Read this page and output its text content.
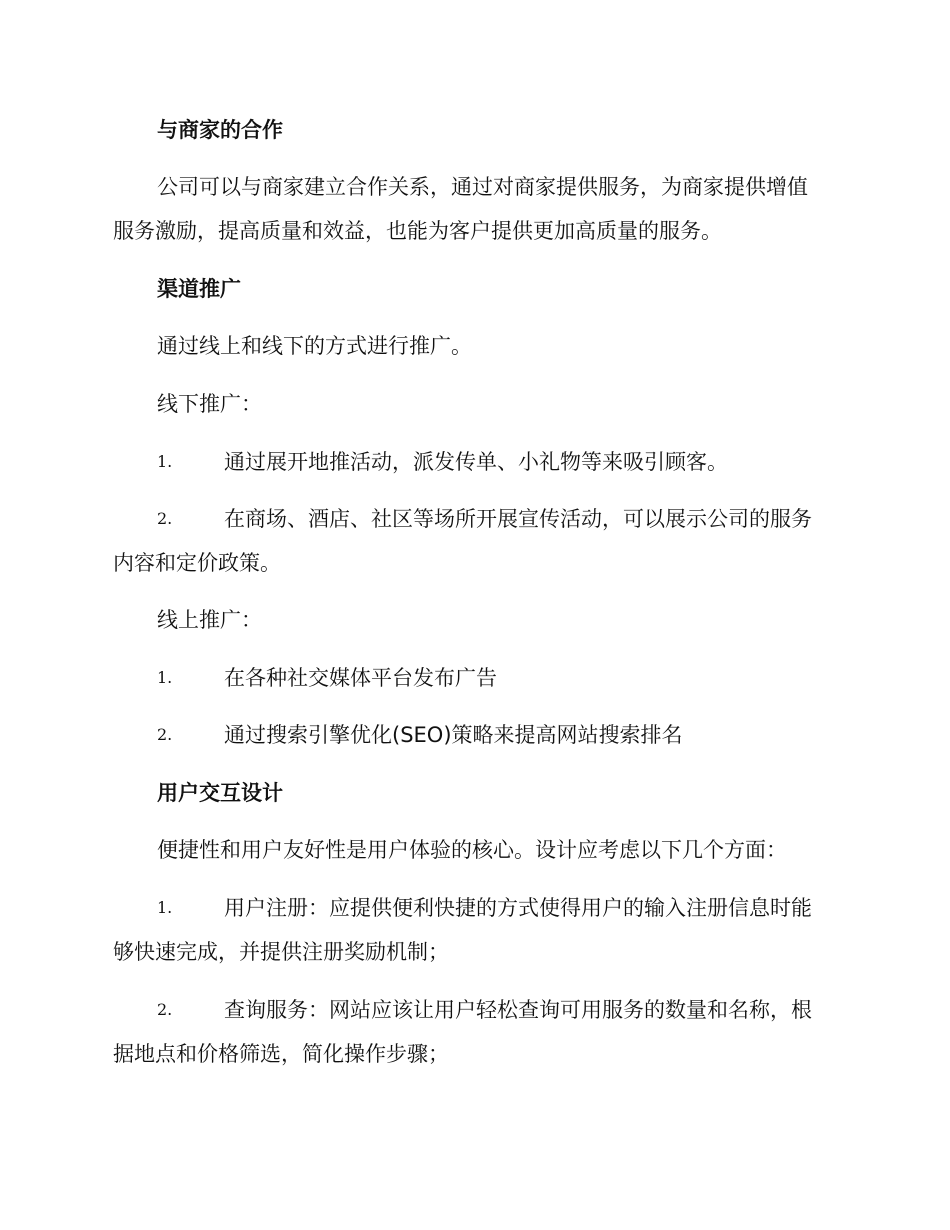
与商家的合作

公司可以与商家建立合作关系，通过对商家提供服务，为商家提供增值

服务激励，提高质量和效益，也能为客户提供更加高质量的服务。

渠道推广

通过线上和线下的方式进行推广。

线下推广：

1. 通过展开地推活动，派发传单、小礼物等来吸引顾客。

2. 在商场、酒店、社区等场所开展宣传活动，可以展示公司的服务

内容和定价政策。

线上推广：

1. 在各种社交媒体平台发布广告

2. 通过搜索引擎优化(SEO)策略来提高网站搜索排名

用户交互设计

便捷性和用户友好性是用户体验的核心。设计应考虑以下几个方面：

1. 用户注册：应提供便利快捷的方式使得用户的输入注册信息时能

够快速完成，并提供注册奖励机制；

2. 查询服务：网站应该让用户轻松查询可用服务的数量和名称，根

据地点和价格筛选，简化操作步骤；
